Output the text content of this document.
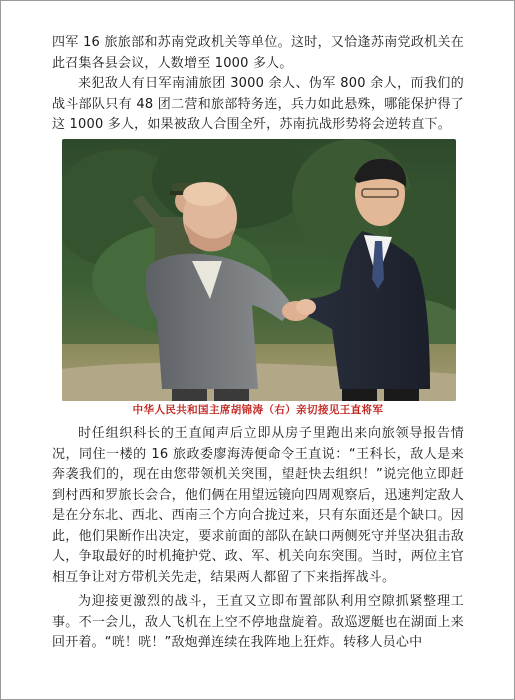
四军 16 旅旅部和苏南党政机关等单位。这时，又恰逢苏南党政机关在此召集各县会议，人数增至 1000 多人。

来犯敌人有日军南浦旅团 3000 余人、伪军 800 余人，而我们的战斗部队只有 48 团二营和旅部特务连，兵力如此悬殊，哪能保护得了这 1000 多人，如果被敌人合围全歼，苏南抗战形势将会逆转直下。

中华人民共和国主席胡锦涛（右）亲切接见王直将军

时任组织科长的王直闻声后立即从房子里跑出来向旅领导报告情况，同住一楼的 16 旅政委廖海涛便命令王直说：“王科长，敌人是来奔袭我们的，现在由您带领机关突围，望赶快去组织！”说完他立即赶到村西和罗旅长会合，他们俩在用望远镜向四周观察后，迅速判定敌人是在分东北、西北、西南三个方向合拢过来，只有东面还是个缺口。因此，他们果断作出决定，要求前面的部队在缺口两侧死守并坚决狙击敌人，争取最好的时机掩护党、政、军、机关向东突围。当时，两位主官相互争让对方带机关先走，结果两人都留了下来指挥战斗。

为迎接更激烈的战斗，王直又立即布置部队利用空隙抓紧整理工事。不一会儿，敌人飞机在上空不停地盘旋着。敌巡逻艇也在湖面上来回开着。“咣！咣！”敌炮弹连续在我阵地上狂炸。转移人员心中
